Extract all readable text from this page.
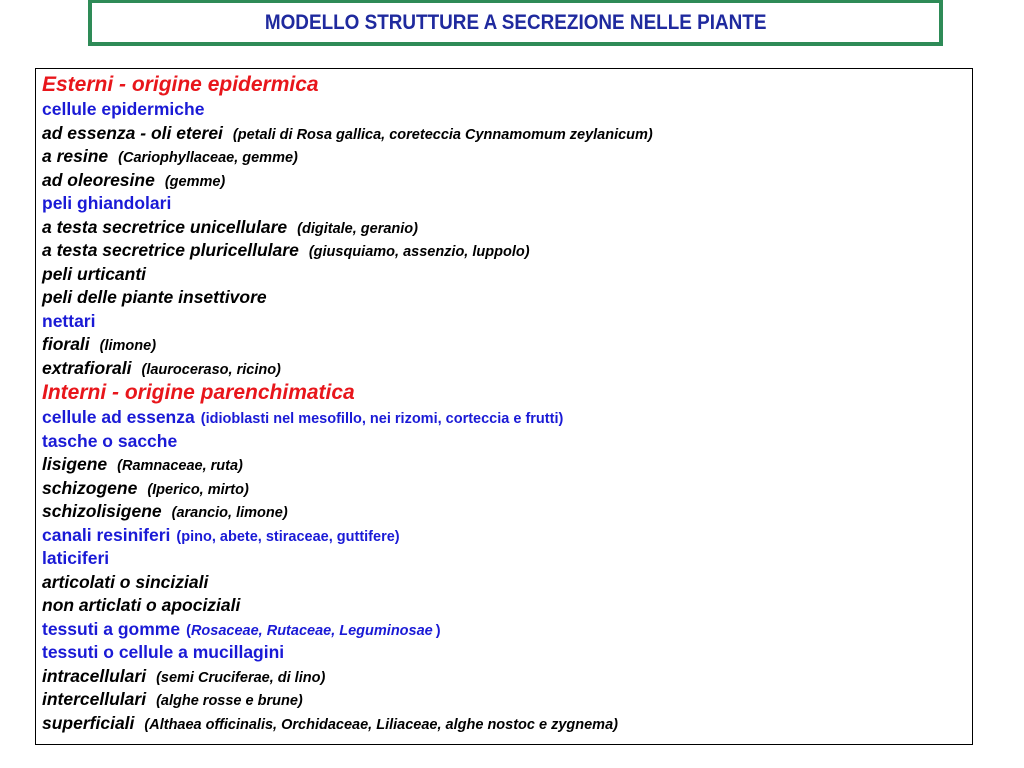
MODELLO STRUTTURE A SECREZIONE NELLE PIANTE
Esterni - origine epidermica
cellule epidermiche
ad essenza - oli eterei (petali di Rosa gallica, coreteccia Cynnamomum zeylanicum)
a resine (Cariophyllaceae, gemme)
ad oleoresine (gemme)
peli ghiandolari
a testa secretrice unicellulare (digitale, geranio)
a testa secretrice pluricellulare (giusquiamo, assenzio, luppolo)
peli urticanti
peli delle piante insettivore
nettari
fiorali (limone)
extrafiorali (lauroceraso, ricino)
Interni - origine parenchimatica
cellule ad essenza (idioblasti nel mesofillo, nei rizomi, corteccia e frutti)
tasche o sacche
lisigene (Ramnaceae, ruta)
schizogene (Iperico, mirto)
schizolisigene (arancio, limone)
canali resiniferi (pino, abete, stiraceae, guttifere)
laticiferi
articolati o sinciziali
non articlati o apociziali
tessuti a gomme (Rosaceae, Rutaceae, Leguminosae )
tessuti o cellule a mucillagini
intracellulari (semi Cruciferae, di lino)
intercellulari (alghe rosse e brune)
superficiali (Althaea officinalis, Orchidaceae, Liliaceae, alghe nostoc e zygnema)
